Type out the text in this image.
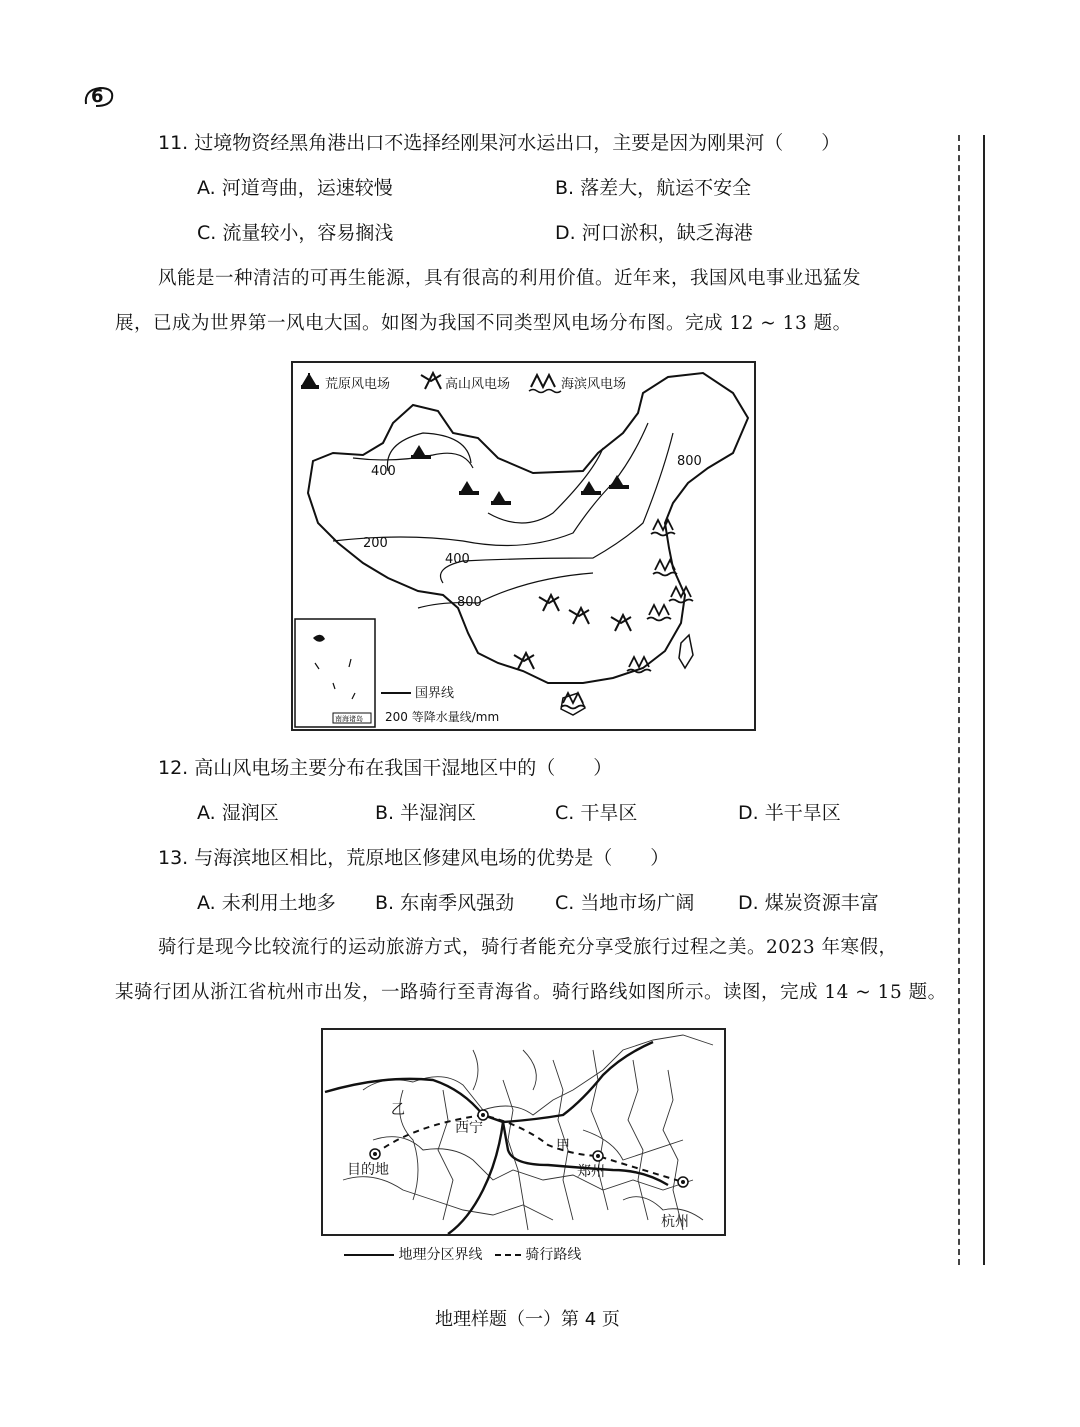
6
11. 过境物资经黑角港出口不选择经刚果河水运出口，主要是因为刚果河（　　）
A. 河道弯曲，运速较慢	B. 落差大，航运不安全
C. 流量较小，容易搁浅	D. 河口淤积，缺乏海港
风能是一种清洁的可再生能源，具有很高的利用价值。近年来，我国风电事业迅猛发
展，已成为世界第一风电大国。如图为我国不同类型风电场分布图。完成 12 ~ 13 题。
南海诸岛
400
200
400
800
800
荒原风电场	高山风电场	海滨风电场
国界线
200 等降水量线/mm
12. 高山风电场主要分布在我国干湿地区中的（　　）
A. 湿润区	B. 半湿润区	C. 干旱区	D. 半干旱区
13. 与海滨地区相比，荒原地区修建风电场的优势是（　　）
A. 未利用土地多 B. 东南季风强劲 C. 当地市场广阔 D. 煤炭资源丰富
骑行是现今比较流行的运动旅游方式，骑行者能充分享受旅行过程之美。2023 年寒假，
某骑行团从浙江省杭州市出发，一路骑行至青海省。骑行路线如图所示。读图，完成 14 ~ 15 题。
乙
西宁
甲
郑州
目的地
杭州
地理分区界线	骑行路线
地理样题（一）第 4 页
